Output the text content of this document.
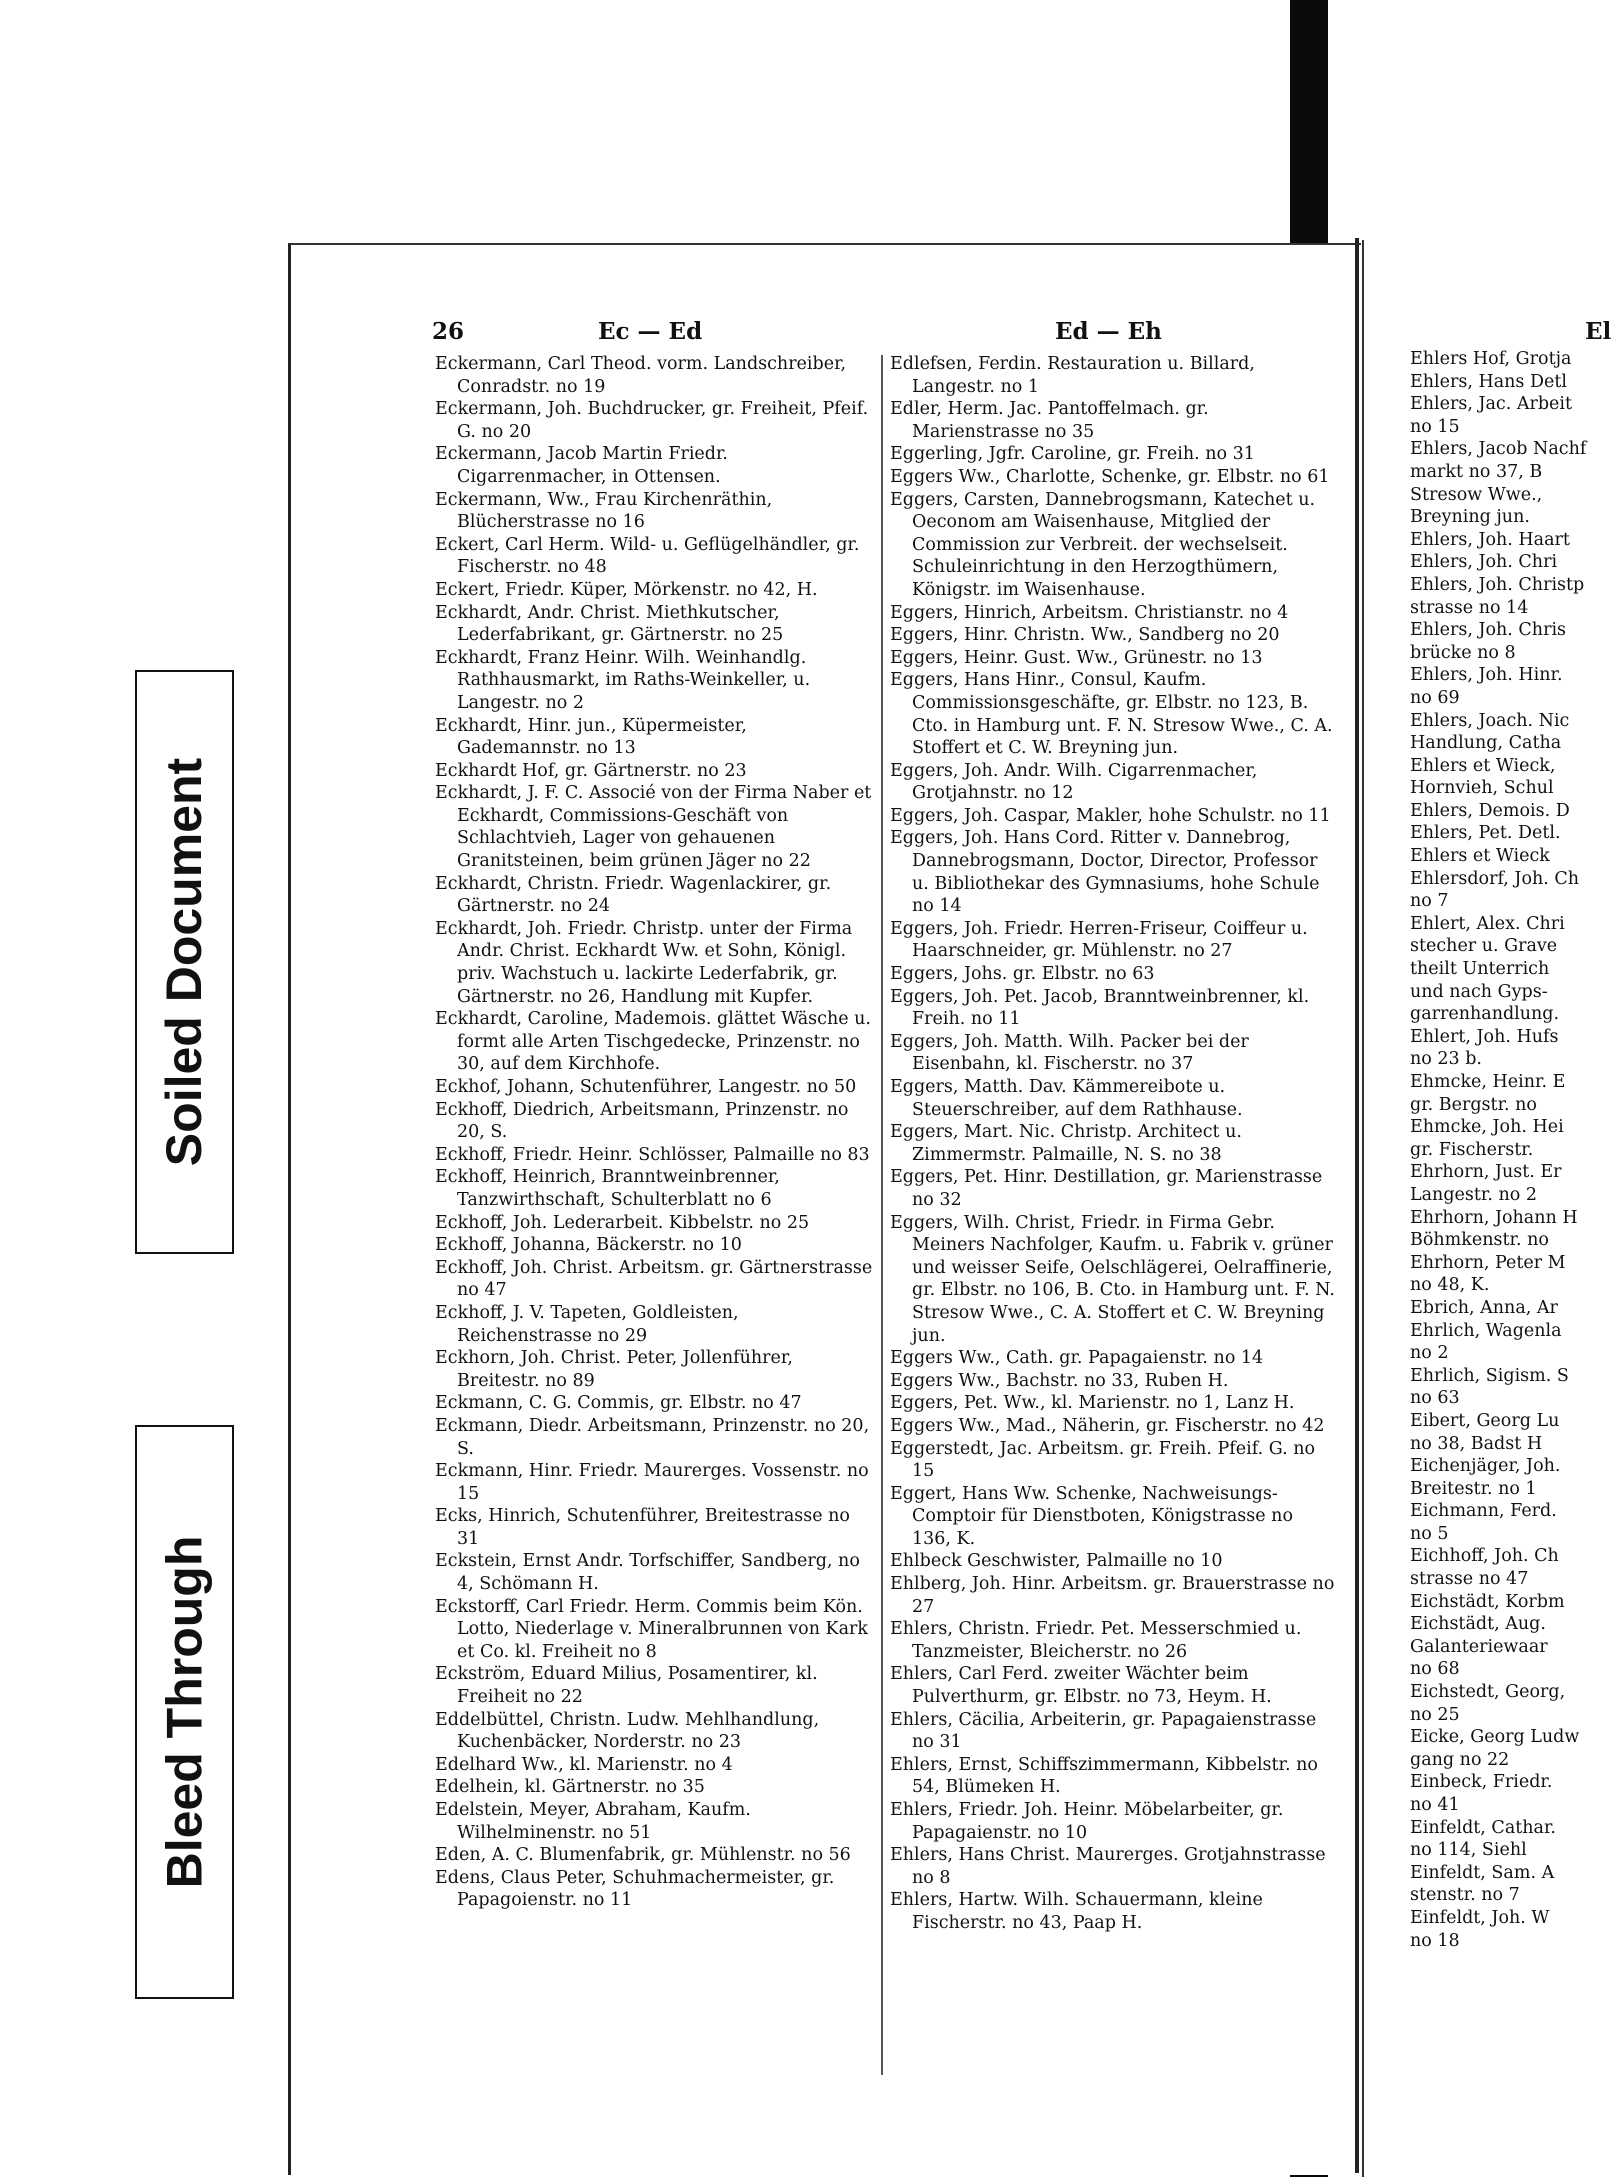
Soiled Document
Bleed Through
26	Ec — Ed	Ed — Eh	El

Eckermann, Carl Theod. vorm. Landschreiber, Conradstr. no 19

Eckermann, Joh. Buchdrucker, gr. Freiheit, Pfeif. G. no 20

Eckermann, Jacob Martin Friedr. Cigarrenmacher, in Ottensen.

Eckermann, Ww., Frau Kirchenräthin, Blücherstrasse no 16

Eckert, Carl Herm. Wild- u. Geflügelhändler, gr. Fischerstr. no 48

Eckert, Friedr. Küper, Mörkenstr. no 42, H.

Eckhardt, Andr. Christ. Miethkutscher, Lederfabrikant, gr. Gärtnerstr. no 25

Eckhardt, Franz Heinr. Wilh. Weinhandlg. Rathhausmarkt, im Raths-Weinkeller, u. Langestr. no 2

Eckhardt, Hinr. jun., Küpermeister, Gademannstr. no 13

Eckhardt Hof, gr. Gärtnerstr. no 23

Eckhardt, J. F. C. Associé von der Firma Naber et Eckhardt, Commissions-Geschäft von Schlachtvieh, Lager von gehauenen Granitsteinen, beim grünen Jäger no 22

Eckhardt, Christn. Friedr. Wagenlackirer, gr. Gärtnerstr. no 24

Eckhardt, Joh. Friedr. Christp. unter der Firma Andr. Christ. Eckhardt Ww. et Sohn, Königl. priv. Wachstuch u. lackirte Lederfabrik, gr. Gärtnerstr. no 26, Handlung mit Kupfer.

Eckhardt, Caroline, Mademois. glättet Wäsche u. formt alle Arten Tischgedecke, Prinzenstr. no 30, auf dem Kirchhofe.

Eckhof, Johann, Schutenführer, Langestr. no 50

Eckhoff, Diedrich, Arbeitsmann, Prinzenstr. no 20, S.

Eckhoff, Friedr. Heinr. Schlösser, Palmaille no 83

Eckhoff, Heinrich, Branntweinbrenner, Tanzwirthschaft, Schulterblatt no 6

Eckhoff, Joh. Lederarbeit. Kibbelstr. no 25

Eckhoff, Johanna, Bäckerstr. no 10

Eckhoff, Joh. Christ. Arbeitsm. gr. Gärtnerstrasse no 47

Eckhoff, J. V. Tapeten, Goldleisten, Reichenstrasse no 29

Eckhorn, Joh. Christ. Peter, Jollenführer, Breitestr. no 89

Eckmann, C. G. Commis, gr. Elbstr. no 47

Eckmann, Diedr. Arbeitsmann, Prinzenstr. no 20, S.

Eckmann, Hinr. Friedr. Maurerges. Vossenstr. no 15

Ecks, Hinrich, Schutenführer, Breitestrasse no 31

Eckstein, Ernst Andr. Torfschiffer, Sandberg, no 4, Schömann H.

Eckstorff, Carl Friedr. Herm. Commis beim Kön. Lotto, Niederlage v. Mineralbrunnen von Kark et Co. kl. Freiheit no 8

Eckström, Eduard Milius, Posamentirer, kl. Freiheit no 22

Eddelbüttel, Christn. Ludw. Mehlhandlung, Kuchenbäcker, Norderstr. no 23

Edelhard Ww., kl. Marienstr. no 4

Edelhein, kl. Gärtnerstr. no 35

Edelstein, Meyer, Abraham, Kaufm. Wilhelminenstr. no 51

Eden, A. C. Blumenfabrik, gr. Mühlenstr. no 56

Edens, Claus Peter, Schuhmachermeister, gr. Papagoienstr. no 11

Edlefsen, Ferdin. Restauration u. Billard, Langestr. no 1

Edler, Herm. Jac. Pantoffelmach. gr. Marienstrasse no 35

Eggerling, Jgfr. Caroline, gr. Freih. no 31

Eggers Ww., Charlotte, Schenke, gr. Elbstr. no 61

Eggers, Carsten, Dannebrogsmann, Katechet u. Oeconom am Waisenhause, Mitglied der Commission zur Verbreit. der wechselseit. Schuleinrichtung in den Herzogthümern, Königstr. im Waisenhause.

Eggers, Hinrich, Arbeitsm. Christianstr. no 4

Eggers, Hinr. Christn. Ww., Sandberg no 20

Eggers, Heinr. Gust. Ww., Grünestr. no 13

Eggers, Hans Hinr., Consul, Kaufm. Commissionsgeschäfte, gr. Elbstr. no 123, B. Cto. in Hamburg unt. F. N. Stresow Wwe., C. A. Stoffert et C. W. Breyning jun.

Eggers, Joh. Andr. Wilh. Cigarrenmacher, Grotjahnstr. no 12

Eggers, Joh. Caspar, Makler, hohe Schulstr. no 11

Eggers, Joh. Hans Cord. Ritter v. Dannebrog, Dannebrogsmann, Doctor, Director, Professor u. Bibliothekar des Gymnasiums, hohe Schule no 14

Eggers, Joh. Friedr. Herren-Friseur, Coiffeur u. Haarschneider, gr. Mühlenstr. no 27

Eggers, Johs. gr. Elbstr. no 63

Eggers, Joh. Pet. Jacob, Branntweinbrenner, kl. Freih. no 11

Eggers, Joh. Matth. Wilh. Packer bei der Eisenbahn, kl. Fischerstr. no 37

Eggers, Matth. Dav. Kämmereibote u. Steuerschreiber, auf dem Rathhause.

Eggers, Mart. Nic. Christp. Architect u. Zimmermstr. Palmaille, N. S. no 38

Eggers, Pet. Hinr. Destillation, gr. Marienstrasse no 32

Eggers, Wilh. Christ, Friedr. in Firma Gebr. Meiners Nachfolger, Kaufm. u. Fabrik v. grüner und weisser Seife, Oelschlägerei, Oelraffinerie, gr. Elbstr. no 106, B. Cto. in Hamburg unt. F. N. Stresow Wwe., C. A. Stoffert et C. W. Breyning jun.

Eggers Ww., Cath. gr. Papagaienstr. no 14

Eggers Ww., Bachstr. no 33, Ruben H.

Eggers, Pet. Ww., kl. Marienstr. no 1, Lanz H.

Eggers Ww., Mad., Näherin, gr. Fischerstr. no 42

Eggerstedt, Jac. Arbeitsm. gr. Freih. Pfeif. G. no 15

Eggert, Hans Ww. Schenke, Nachweisungs-Comptoir für Dienstboten, Königstrasse no 136, K.

Ehlbeck Geschwister, Palmaille no 10

Ehlberg, Joh. Hinr. Arbeitsm. gr. Brauerstrasse no 27

Ehlers, Christn. Friedr. Pet. Messerschmied u. Tanzmeister, Bleicherstr. no 26

Ehlers, Carl Ferd. zweiter Wächter beim Pulverthurm, gr. Elbstr. no 73, Heym. H.

Ehlers, Cäcilia, Arbeiterin, gr. Papagaienstrasse no 31

Ehlers, Ernst, Schiffszimmermann, Kibbelstr. no 54, Blümeken H.

Ehlers, Friedr. Joh. Heinr. Möbelarbeiter, gr. Papagaienstr. no 10

Ehlers, Hans Christ. Maurerges. Grotjahnstrasse no 8

Ehlers, Hartw. Wilh. Schauermann, kleine Fischerstr. no 43, Paap H.

Ehlers Hof, Grotja

Ehlers, Hans Detl

Ehlers, Jac. Arbeit

no 15

Ehlers, Jacob Nachf

markt no 37, B

Stresow Wwe.,

Breyning jun.

Ehlers, Joh. Haart

Ehlers, Joh. Chri

Ehlers, Joh. Christp

strasse no 14

Ehlers, Joh. Chris

brücke no 8

Ehlers, Joh. Hinr.

no 69

Ehlers, Joach. Nic

Handlung, Catha

Ehlers et Wieck,

Hornvieh, Schul

Ehlers, Demois. D

Ehlers, Pet. Detl.

Ehlers et Wieck

Ehlersdorf, Joh. Ch

no 7

Ehlert, Alex. Chri

stecher u. Grave

theilt Unterrich

und nach Gyps-

garrenhandlung.

Ehlert, Joh. Hufs

no 23 b.

Ehmcke, Heinr. E

gr. Bergstr. no

Ehmcke, Joh. Hei

gr. Fischerstr.

Ehrhorn, Just. Er

Langestr. no 2

Ehrhorn, Johann H

Böhmkenstr. no

Ehrhorn, Peter M

no 48, K.

Ebrich, Anna, Ar

Ehrlich, Wagenla

no 2

Ehrlich, Sigism. S

no 63

Eibert, Georg Lu

no 38, Badst H

Eichenjäger, Joh.

Breitestr. no 1

Eichmann, Ferd.

no 5

Eichhoff, Joh. Ch

strasse no 47

Eichstädt, Korbm

Eichstädt, Aug.

Galanteriewaar

no 68

Eichstedt, Georg,

no 25

Eicke, Georg Ludw

gang no 22

Einbeck, Friedr.

no 41

Einfeldt, Cathar.

no 114, Siehl

Einfeldt, Sam. A

stenstr. no 7

Einfeldt, Joh. W

no 18
